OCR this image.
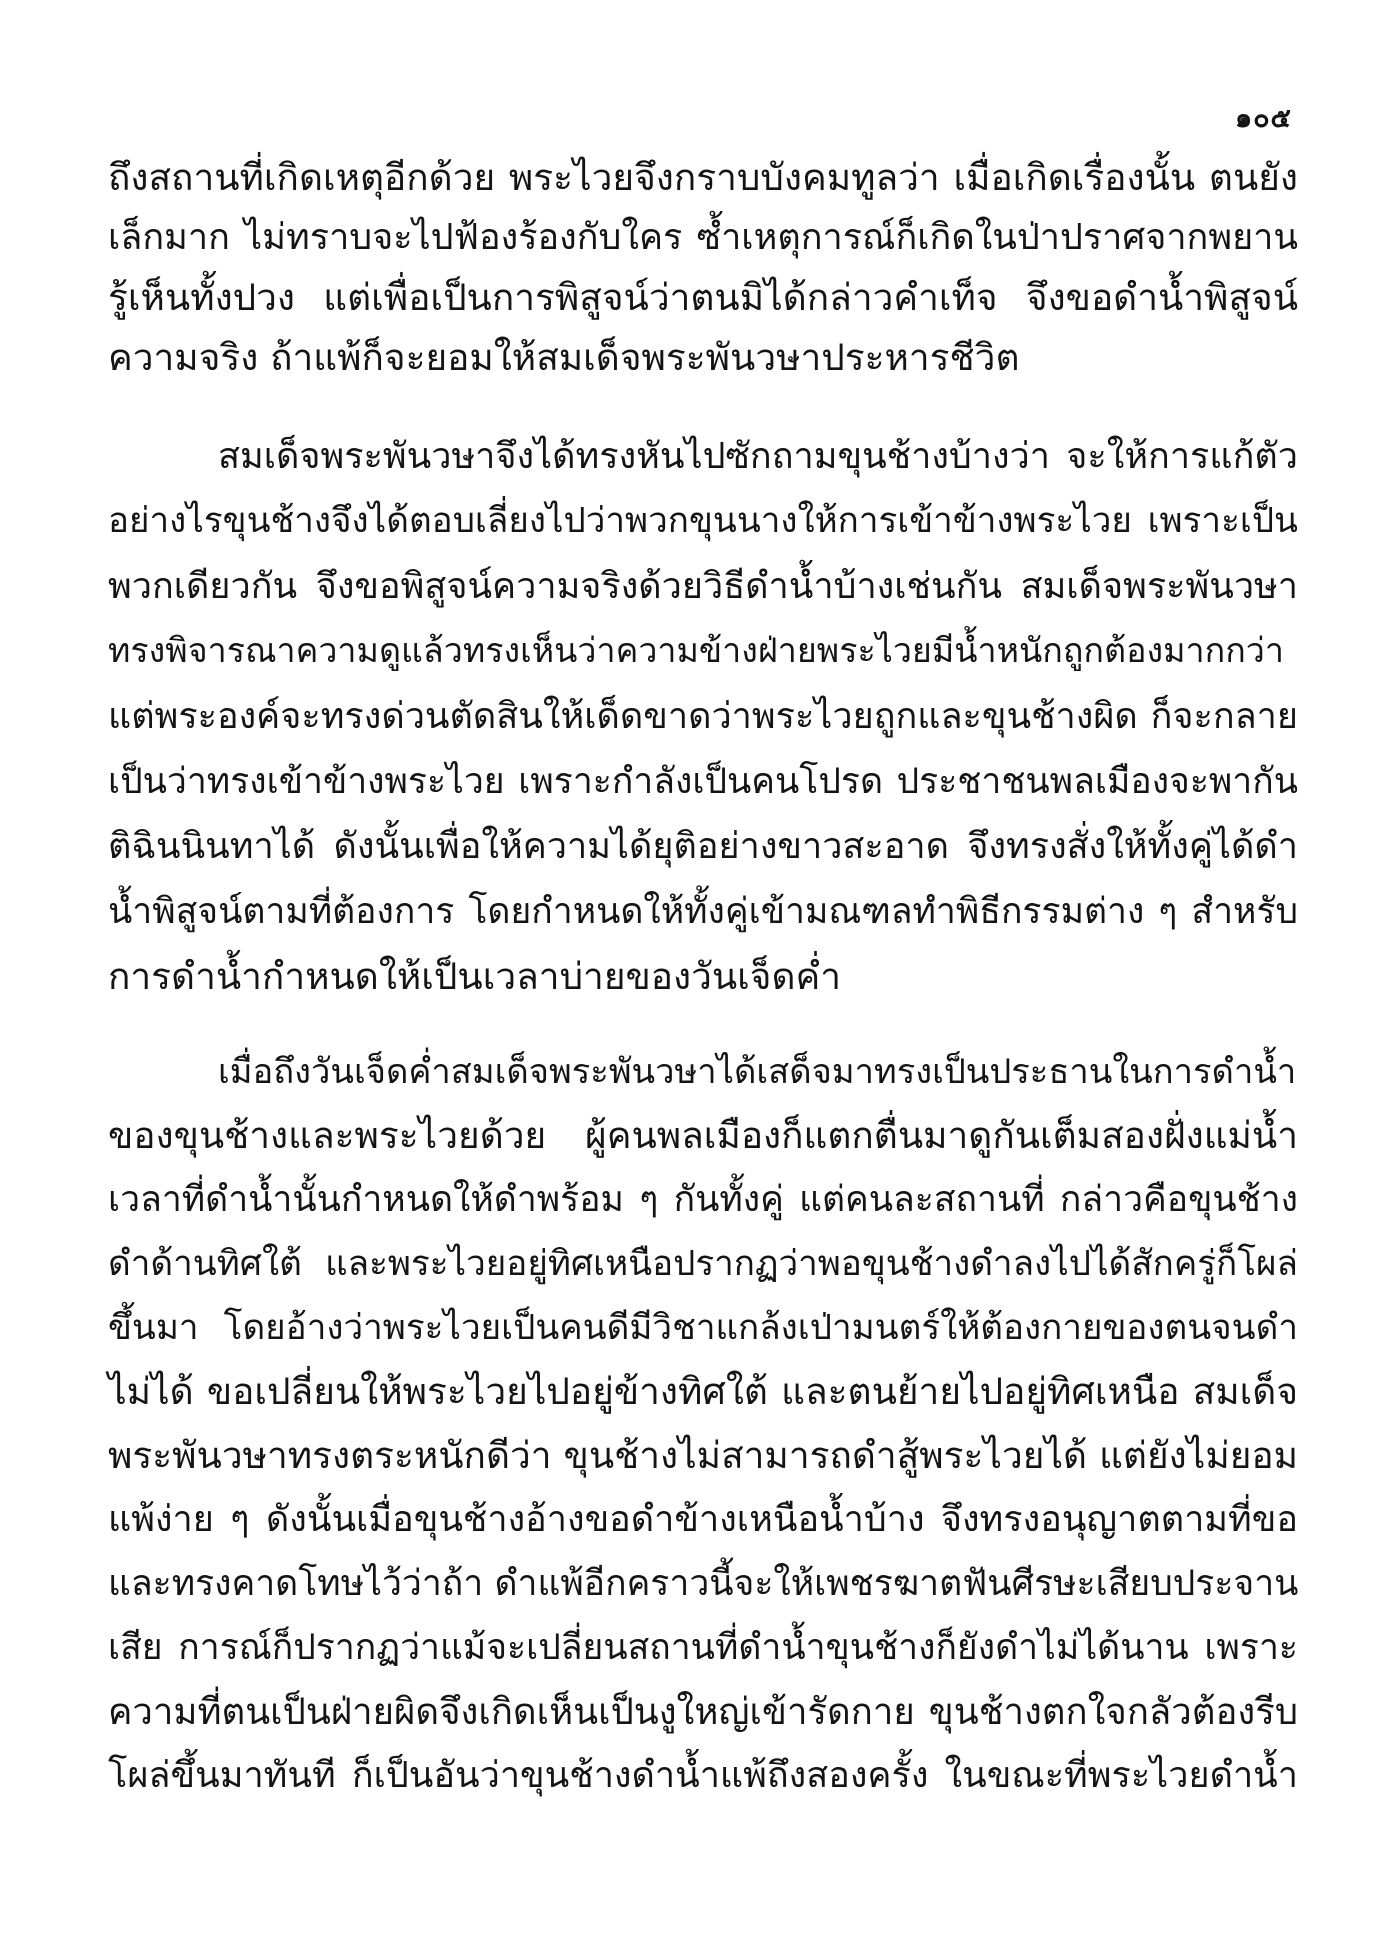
๑๐๕
ถึงสถานที่เกิดเหตุอีกด้วย พระไวยจึงกราบบังคมทูลว่า เมื่อเกิดเรื่องนั้น ตนยัง
เล็กมาก ไม่ทราบจะไปฟ้องร้องกับใคร ซ้ำเหตุการณ์ก็เกิดในป่าปราศจากพยาน
รู้เห็นทั้งปวง แต่เพื่อเป็นการพิสูจน์ว่าตนมิได้กล่าวคำเท็จ จึงขอดำน้ำพิสูจน์
ความจริง ถ้าแพ้ก็จะยอมให้สมเด็จพระพันวษาประหารชีวิต
สมเด็จพระพันวษาจึงได้ทรงหันไปซักถามขุนช้างบ้างว่า จะให้การแก้ตัว
อย่างไรขุนช้างจึงได้ตอบเลี่ยงไปว่าพวกขุนนางให้การเข้าข้างพระไวย เพราะเป็น
พวกเดียวกัน จึงขอพิสูจน์ความจริงด้วยวิธีดำน้ำบ้างเช่นกัน สมเด็จพระพันวษา
ทรงพิจารณาความดูแล้วทรงเห็นว่าความข้างฝ่ายพระไวยมีน้ำหนักถูกต้องมากกว่า
แต่พระองค์จะทรงด่วนตัดสินให้เด็ดขาดว่าพระไวยถูกและขุนช้างผิด ก็จะกลาย
เป็นว่าทรงเข้าข้างพระไวย เพราะกำลังเป็นคนโปรด ประชาชนพลเมืองจะพากัน
ติฉินนินทาได้ ดังนั้นเพื่อให้ความได้ยุติอย่างขาวสะอาด จึงทรงสั่งให้ทั้งคู่ได้ดำ
น้ำพิสูจน์ตามที่ต้องการ โดยกำหนดให้ทั้งคู่เข้ามณฑลทำพิธีกรรมต่าง ๆ สำหรับ
การดำน้ำกำหนดให้เป็นเวลาบ่ายของวันเจ็ดค่ำ
เมื่อถึงวันเจ็ดค่ำสมเด็จพระพันวษาได้เสด็จมาทรงเป็นประธานในการดำน้ำ
ของขุนช้างและพระไวยด้วย ผู้คนพลเมืองก็แตกตื่นมาดูกันเต็มสองฝั่งแม่น้ำ
เวลาที่ดำน้ำนั้นกำหนดให้ดำพร้อม ๆ กันทั้งคู่ แต่คนละสถานที่ กล่าวคือขุนช้าง
ดำด้านทิศใต้ และพระไวยอยู่ทิศเหนือปรากฏว่าพอขุนช้างดำลงไปได้สักครู่ก็โผล่
ขึ้นมา โดยอ้างว่าพระไวยเป็นคนดีมีวิชาแกล้งเป่ามนตร์ให้ต้องกายของตนจนดำ
ไม่ได้ ขอเปลี่ยนให้พระไวยไปอยู่ข้างทิศใต้ และตนย้ายไปอยู่ทิศเหนือ สมเด็จ
พระพันวษาทรงตระหนักดีว่า ขุนช้างไม่สามารถดำสู้พระไวยได้ แต่ยังไม่ยอม
แพ้ง่าย ๆ ดังนั้นเมื่อขุนช้างอ้างขอดำข้างเหนือน้ำบ้าง จึงทรงอนุญาตตามที่ขอ
และทรงคาดโทษไว้ว่าถ้า ดำแพ้อีกคราวนี้จะให้เพชรฆาตฟันศีรษะเสียบประจาน
เสีย การณ์ก็ปรากฏว่าแม้จะเปลี่ยนสถานที่ดำน้ำขุนช้างก็ยังดำไม่ได้นาน เพราะ
ความที่ตนเป็นฝ่ายผิดจึงเกิดเห็นเป็นงูใหญ่เข้ารัดกาย ขุนช้างตกใจกลัวต้องรีบ
โผล่ขึ้นมาทันที ก็เป็นอันว่าขุนช้างดำน้ำแพ้ถึงสองครั้ง ในขณะที่พระไวยดำน้ำ
